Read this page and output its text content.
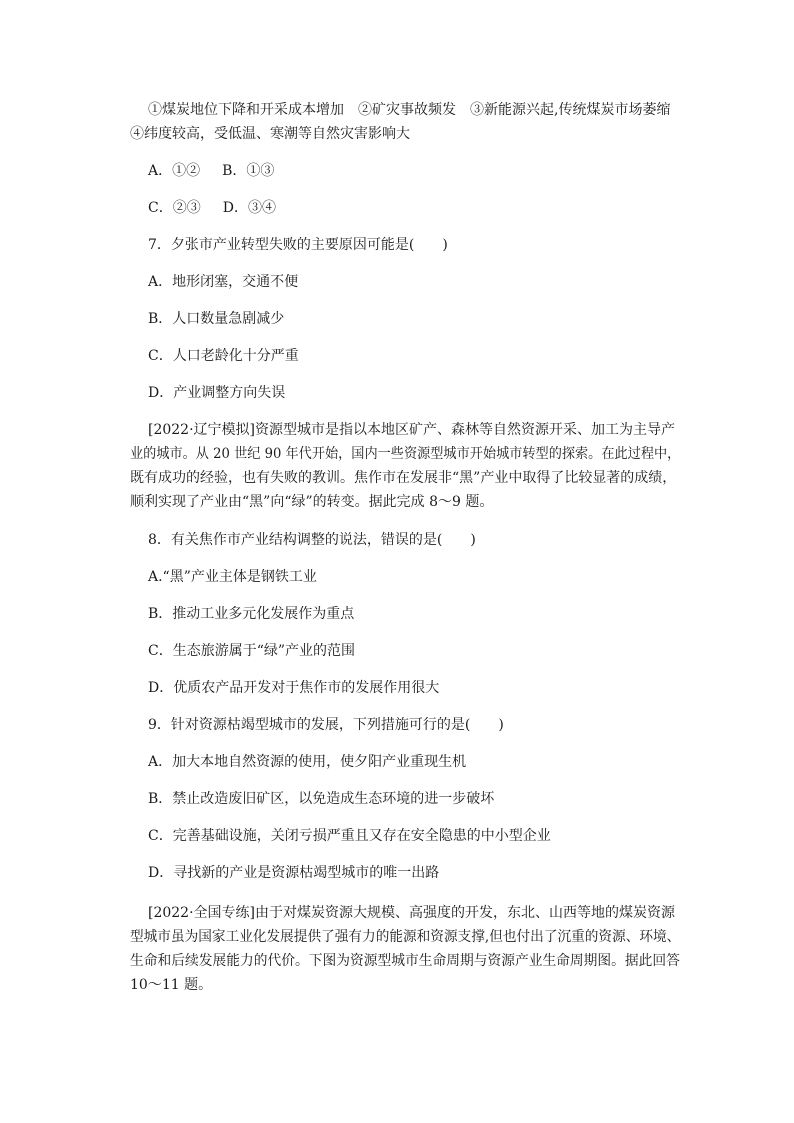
①煤炭地位下降和开采成本增加　②矿灾事故频发　③新能源兴起,传统煤炭市场萎缩

④纬度较高，受低温、寒潮等自然灾害影响大

A．①② B．①③

C．②③ D．③④

7．夕张市产业转型失败的主要原因可能是(　　)

A．地形闭塞，交通不便

B．人口数量急剧减少

C．人口老龄化十分严重

D．产业调整方向失误

[2022·辽宁模拟]资源型城市是指以本地区矿产、森林等自然资源开采、加工为主导产

业的城市。从 20 世纪 90 年代开始，国内一些资源型城市开始城市转型的探索。在此过程中，

既有成功的经验，也有失败的教训。焦作市在发展非“黑”产业中取得了比较显著的成绩，

顺利实现了产业由“黑”向“绿”的转变。据此完成 8～9 题。

8．有关焦作市产业结构调整的说法，错误的是(　　)

A.“黑”产业主体是钢铁工业

B．推动工业多元化发展作为重点

C．生态旅游属于“绿”产业的范围

D．优质农产品开发对于焦作市的发展作用很大

9．针对资源枯竭型城市的发展，下列措施可行的是(　　)

A．加大本地自然资源的使用，使夕阳产业重现生机

B．禁止改造废旧矿区，以免造成生态环境的进一步破坏

C．完善基础设施，关闭亏损严重且又存在安全隐患的中小型企业

D．寻找新的产业是资源枯竭型城市的唯一出路

[2022·全国专练]由于对煤炭资源大规模、高强度的开发，东北、山西等地的煤炭资源

型城市虽为国家工业化发展提供了强有力的能源和资源支撑,但也付出了沉重的资源、环境、

生命和后续发展能力的代价。下图为资源型城市生命周期与资源产业生命周期图。据此回答

10～11 题。
